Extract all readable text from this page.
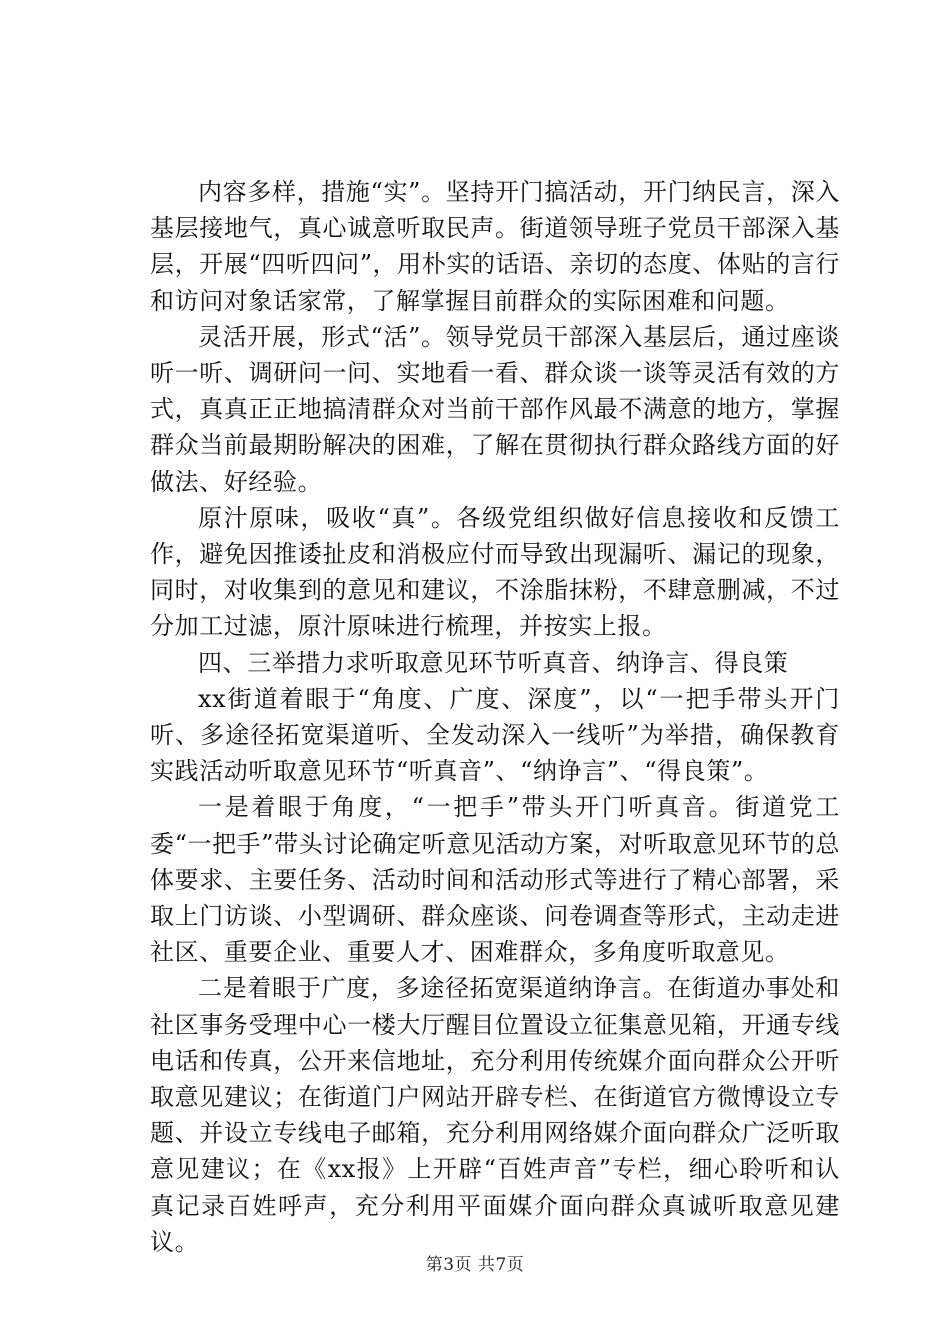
内容多样，措施“实”。坚持开门搞活动，开门纳民言，深入基层接地气，真心诚意听取民声。街道领导班子党员干部深入基层，开展“四听四问”，用朴实的话语、亲切的态度、体贴的言行和访问对象话家常，了解掌握目前群众的实际困难和问题。

灵活开展，形式“活”。领导党员干部深入基层后，通过座谈听一听、调研问一问、实地看一看、群众谈一谈等灵活有效的方式，真真正正地搞清群众对当前干部作风最不满意的地方，掌握群众当前最期盼解决的困难，了解在贯彻执行群众路线方面的好做法、好经验。

原汁原味，吸收“真”。各级党组织做好信息接收和反馈工作，避免因推诿扯皮和消极应付而导致出现漏听、漏记的现象，同时，对收集到的意见和建议，不涂脂抹粉，不肆意删减，不过分加工过滤，原汁原味进行梳理，并按实上报。

四、三举措力求听取意见环节听真音、纳诤言、得良策

xx街道着眼于“角度、广度、深度”，以“一把手带头开门听、多途径拓宽渠道听、全发动深入一线听”为举措，确保教育实践活动听取意见环节“听真音”、“纳诤言”、“得良策”。

一是着眼于角度，“一把手”带头开门听真音。街道党工委“一把手”带头讨论确定听意见活动方案，对听取意见环节的总体要求、主要任务、活动时间和活动形式等进行了精心部署，采取上门访谈、小型调研、群众座谈、问卷调查等形式，主动走进社区、重要企业、重要人才、困难群众，多角度听取意见。

二是着眼于广度，多途径拓宽渠道纳诤言。在街道办事处和社区事务受理中心一楼大厅醒目位置设立征集意见箱，开通专线电话和传真，公开来信地址，充分利用传统媒介面向群众公开听取意见建议；在街道门户网站开辟专栏、在街道官方微博设立专题、并设立专线电子邮箱，充分利用网络媒介面向群众广泛听取意见建议；在《xx报》上开辟“百姓声音”专栏，细心聆听和认真记录百姓呼声，充分利用平面媒介面向群众真诚听取意见建议。

第3页 共7页
